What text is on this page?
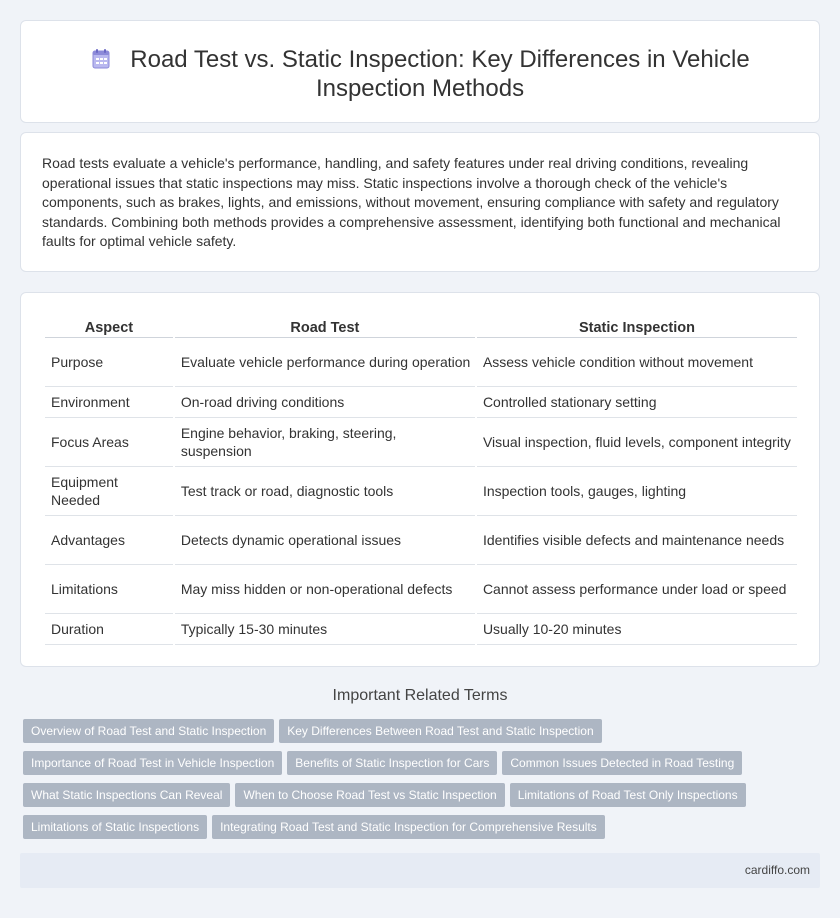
Road Test vs. Static Inspection: Key Differences in Vehicle Inspection Methods

Road tests evaluate a vehicle's performance, handling, and safety features under real driving conditions, revealing operational issues that static inspections may miss. Static inspections involve a thorough check of the vehicle's components, such as brakes, lights, and emissions, without movement, ensuring compliance with safety and regulatory standards. Combining both methods provides a comprehensive assessment, identifying both functional and mechanical faults for optimal vehicle safety.

Aspect	Road Test	Static Inspection
Purpose	Evaluate vehicle performance during operation	Assess vehicle condition without movement
Environment	On-road driving conditions	Controlled stationary setting
Focus Areas	Engine behavior, braking, steering, suspension	Visual inspection, fluid levels, component integrity
Equipment Needed	Test track or road, diagnostic tools	Inspection tools, gauges, lighting
Advantages	Detects dynamic operational issues	Identifies visible defects and maintenance needs
Limitations	May miss hidden or non-operational defects	Cannot assess performance under load or speed
Duration	Typically 15-30 minutes	Usually 10-20 minutes
Important Related Terms
Overview of Road Test and Static Inspection Key Differences Between Road Test and Static Inspection
Importance of Road Test in Vehicle Inspection Benefits of Static Inspection for Cars Common Issues Detected in Road Testing
What Static Inspections Can Reveal When to Choose Road Test vs Static Inspection Limitations of Road Test Only Inspections
Limitations of Static Inspections Integrating Road Test and Static Inspection for Comprehensive Results
cardiffo.com
